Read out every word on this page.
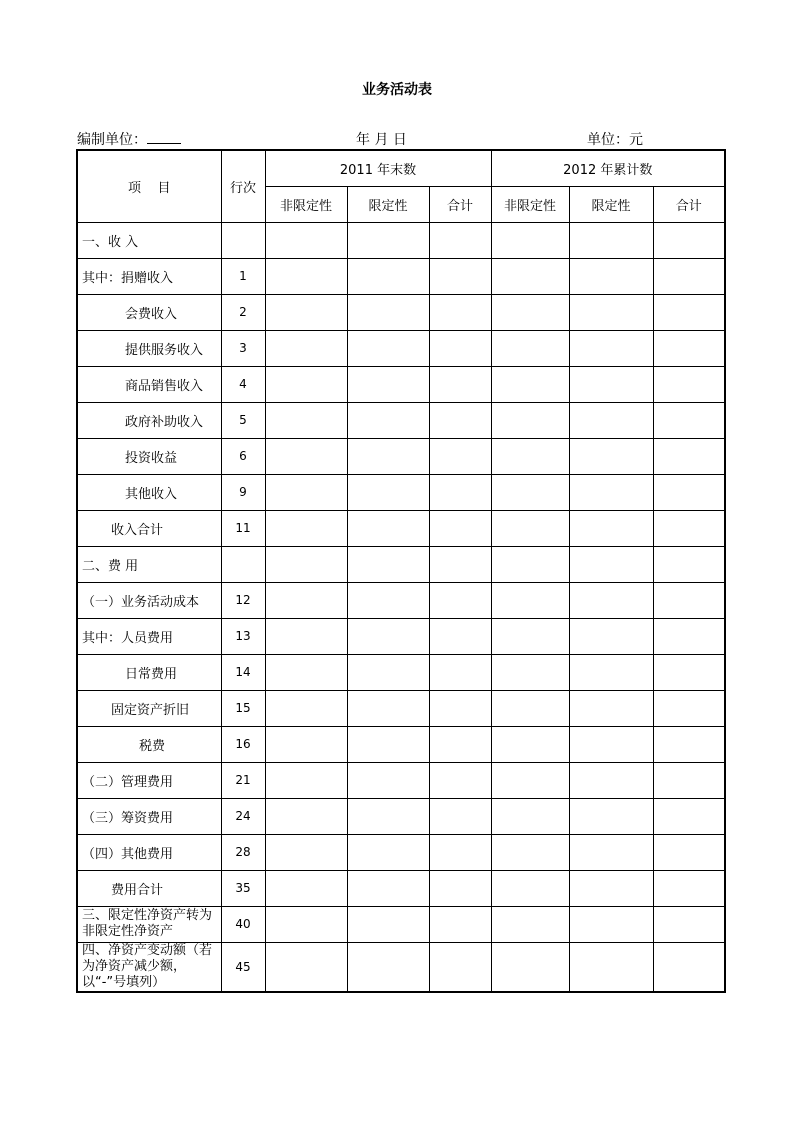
业务活动表
编制单位：	年 月 日	单位：元
项    目	行次	2011 年末数			2012 年累计数		
		非限定性	限定性	合计	非限定性	限定性	合计
一、收 入							
其中：捐赠收入	1						
会费收入	2						
提供服务收入	3						
商品销售收入	4						
政府补助收入	5						
投资收益	6						
其他收入	9						
收入合计	11						
二、费 用							
（一）业务活动成本	12						
其中：人员费用	13						
日常费用	14						
固定资产折旧	15						
税费	16						
（二）管理费用	21						
（三）筹资费用	24						
（四）其他费用	28						
费用合计	35						
三、限定性净资产转为非限定性净资产	40						
四、净资产变动额（若为净资产减少额，以“-”号填列）	45						
